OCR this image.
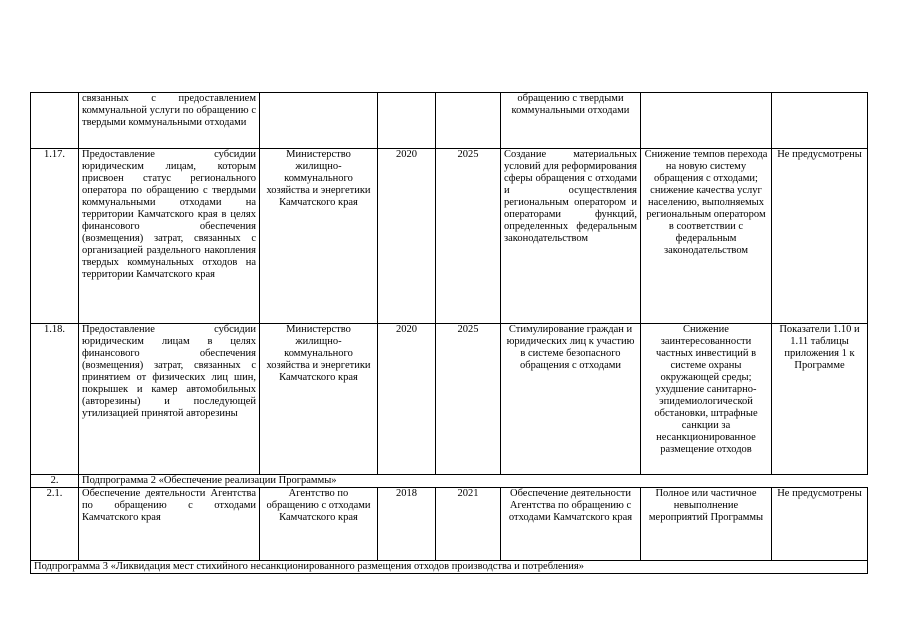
	связанных с предоставлением коммунальной услуги по обращению с твердыми коммунальными отходами				обращению с твердыми коммунальными отходами		
1.17.	Предоставление субсидии юридическим лицам, которым присвоен статус регионального оператора по обращению с твердыми коммунальными отходами на территории Камчатского края в целях финансового обеспечения (возмещения) затрат, связанных с организацией раздельного накопления твердых коммунальных отходов на территории Камчатского края	Министерство жилищно-коммунального хозяйства и энергетики Камчатского края	2020	2025	Создание материальных условий для реформирования сферы обращения с отходами и осуществления региональным оператором и операторами функций, определенных федеральным законодательством	Снижение темпов перехода на новую систему обращения с отходами; снижение качества услуг населению, выполняемых региональным оператором в соответствии с федеральным законодательством	Не предусмотрены
1.18.	Предоставление субсидии юридическим лицам в целях финансового обеспечения (возмещения) затрат, связанных с принятием от физических лиц шин, покрышек и камер автомобильных (авторезины) и последующей утилизацией принятой авторезины	Министерство жилищно-коммунального хозяйства и энергетики Камчатского края	2020	2025	Стимулирование граждан и юридических лиц к участию в системе безопасного обращения с отходами	Снижение заинтересованности частных инвестиций в системе охраны окружающей среды; ухудшение санитарно-эпидемиологической обстановки, штрафные санкции за несанкционированное размещение отходов	Показатели 1.10 и 1.11 таблицы приложения 1 к Программе
2.	Подпрограмма 2 «Обеспечение реализации Программы»						
2.1.	Обеспечение деятельности Агентства по обращению с отходами Камчатского края	Агентство по обращению с отходами Камчатского края	2018	2021	Обеспечение деятельности Агентства по обращению с отходами Камчатского края	Полное или частичное невыполнение мероприятий Программы	Не предусмотрены
Подпрограмма 3 «Ликвидация мест стихийного несанкционированного размещения отходов производства и потребления»							
